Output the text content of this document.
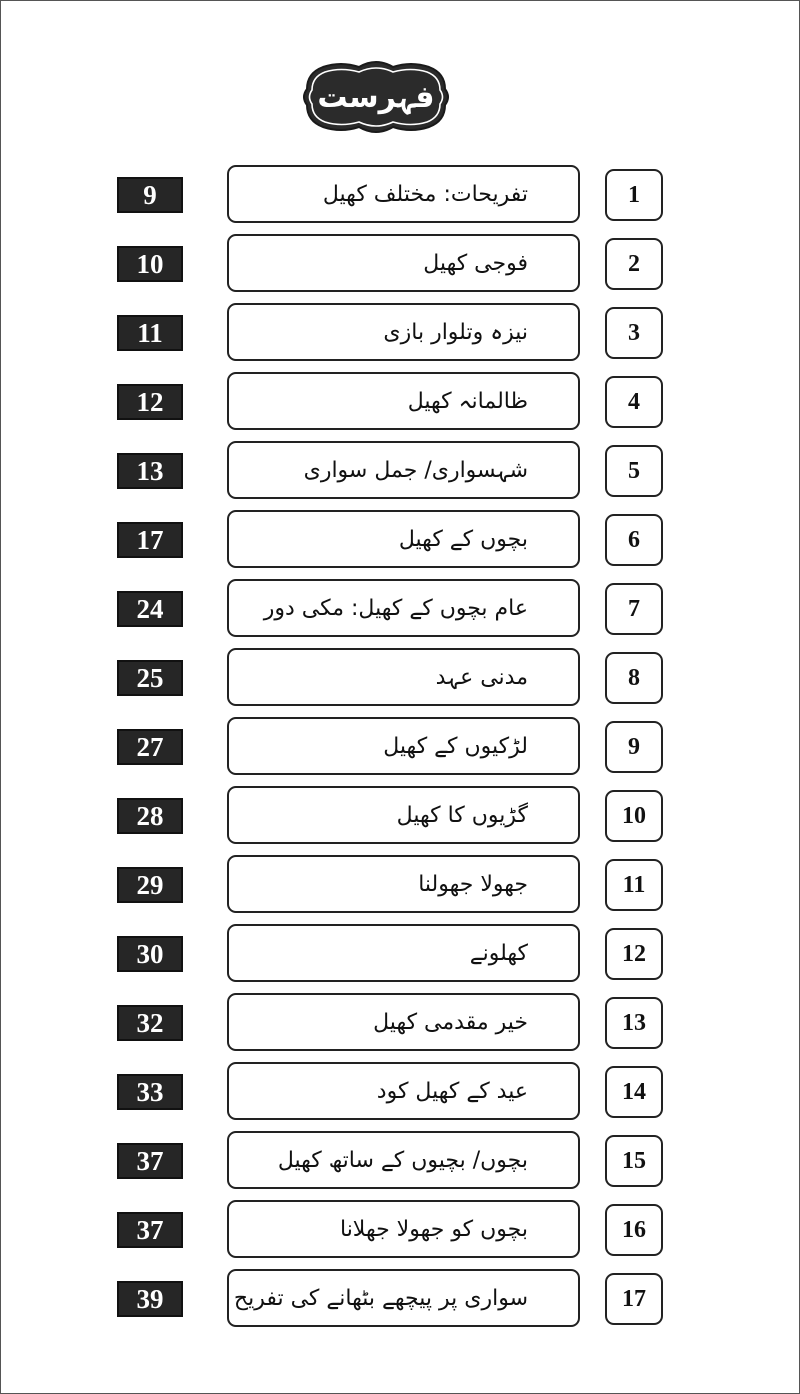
فہرست
9	تفریحات: مختلف کھیل	1
10	فوجی کھیل	2
11	نیزہ وتلوار بازی	3
12	ظالمانہ کھیل	4
13	شہسواری/ جمل سواری	5
17	بچوں کے کھیل	6
24	عام بچوں کے کھیل: مکی دور	7
25	مدنی عہد	8
27	لڑکیوں کے کھیل	9
28	گڑیوں کا کھیل	10
29	جھولا جھولنا	11
30	کھلونے	12
32	خیر مقدمی کھیل	13
33	عید کے کھیل کود	14
37	بچوں/ بچیوں کے ساتھ کھیل	15
37	بچوں کو جھولا جھلانا	16
39	سواری پر پیچھے بٹھانے کی تفریح	17
